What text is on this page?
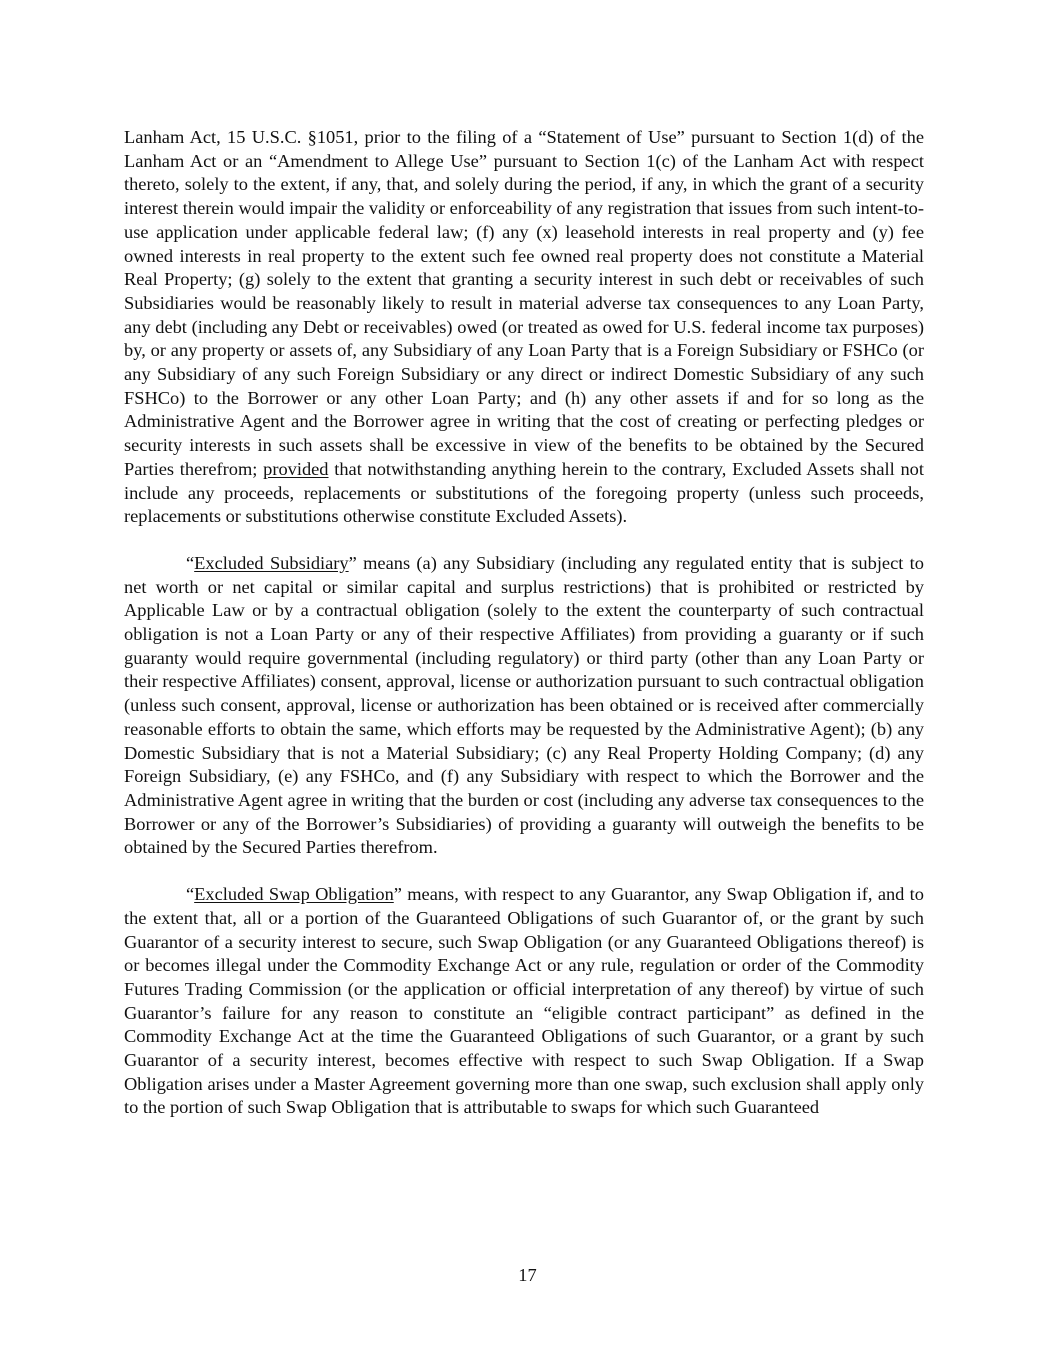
Lanham Act, 15 U.S.C. §1051, prior to the filing of a “Statement of Use” pursuant to Section 1(d) of the Lanham Act or an “Amendment to Allege Use” pursuant to Section 1(c) of the Lanham Act with respect thereto, solely to the extent, if any, that, and solely during the period, if any, in which the grant of a security interest therein would impair the validity or enforceability of any registration that issues from such intent-to-use application under applicable federal law; (f) any (x) leasehold interests in real property and (y) fee owned interests in real property to the extent such fee owned real property does not constitute a Material Real Property; (g) solely to the extent that granting a security interest in such debt or receivables of such Subsidiaries would be reasonably likely to result in material adverse tax consequences to any Loan Party, any debt (including any Debt or receivables) owed (or treated as owed for U.S. federal income tax purposes) by, or any property or assets of, any Subsidiary of any Loan Party that is a Foreign Subsidiary or FSHCo (or any Subsidiary of any such Foreign Subsidiary or any direct or indirect Domestic Subsidiary of any such FSHCo) to the Borrower or any other Loan Party; and (h) any other assets if and for so long as the Administrative Agent and the Borrower agree in writing that the cost of creating or perfecting pledges or security interests in such assets shall be excessive in view of the benefits to be obtained by the Secured Parties therefrom; provided that notwithstanding anything herein to the contrary, Excluded Assets shall not include any proceeds, replacements or substitutions of the foregoing property (unless such proceeds, replacements or substitutions otherwise constitute Excluded Assets).

“Excluded Subsidiary” means (a) any Subsidiary (including any regulated entity that is subject to net worth or net capital or similar capital and surplus restrictions) that is prohibited or restricted by Applicable Law or by a contractual obligation (solely to the extent the counterparty of such contractual obligation is not a Loan Party or any of their respective Affiliates) from providing a guaranty or if such guaranty would require governmental (including regulatory) or third party (other than any Loan Party or their respective Affiliates) consent, approval, license or authorization pursuant to such contractual obligation (unless such consent, approval, license or authorization has been obtained or is received after commercially reasonable efforts to obtain the same, which efforts may be requested by the Administrative Agent); (b) any Domestic Subsidiary that is not a Material Subsidiary; (c) any Real Property Holding Company; (d) any Foreign Subsidiary, (e) any FSHCo, and (f) any Subsidiary with respect to which the Borrower and the Administrative Agent agree in writing that the burden or cost (including any adverse tax consequences to the Borrower or any of the Borrower’s Subsidiaries) of providing a guaranty will outweigh the benefits to be obtained by the Secured Parties therefrom.

“Excluded Swap Obligation” means, with respect to any Guarantor, any Swap Obligation if, and to the extent that, all or a portion of the Guaranteed Obligations of such Guarantor of, or the grant by such Guarantor of a security interest to secure, such Swap Obligation (or any Guaranteed Obligations thereof) is or becomes illegal under the Commodity Exchange Act or any rule, regulation or order of the Commodity Futures Trading Commission (or the application or official interpretation of any thereof) by virtue of such Guarantor’s failure for any reason to constitute an “eligible contract participant” as defined in the Commodity Exchange Act at the time the Guaranteed Obligations of such Guarantor, or a grant by such Guarantor of a security interest, becomes effective with respect to such Swap Obligation. If a Swap Obligation arises under a Master Agreement governing more than one swap, such exclusion shall apply only to the portion of such Swap Obligation that is attributable to swaps for which such Guaranteed

17
